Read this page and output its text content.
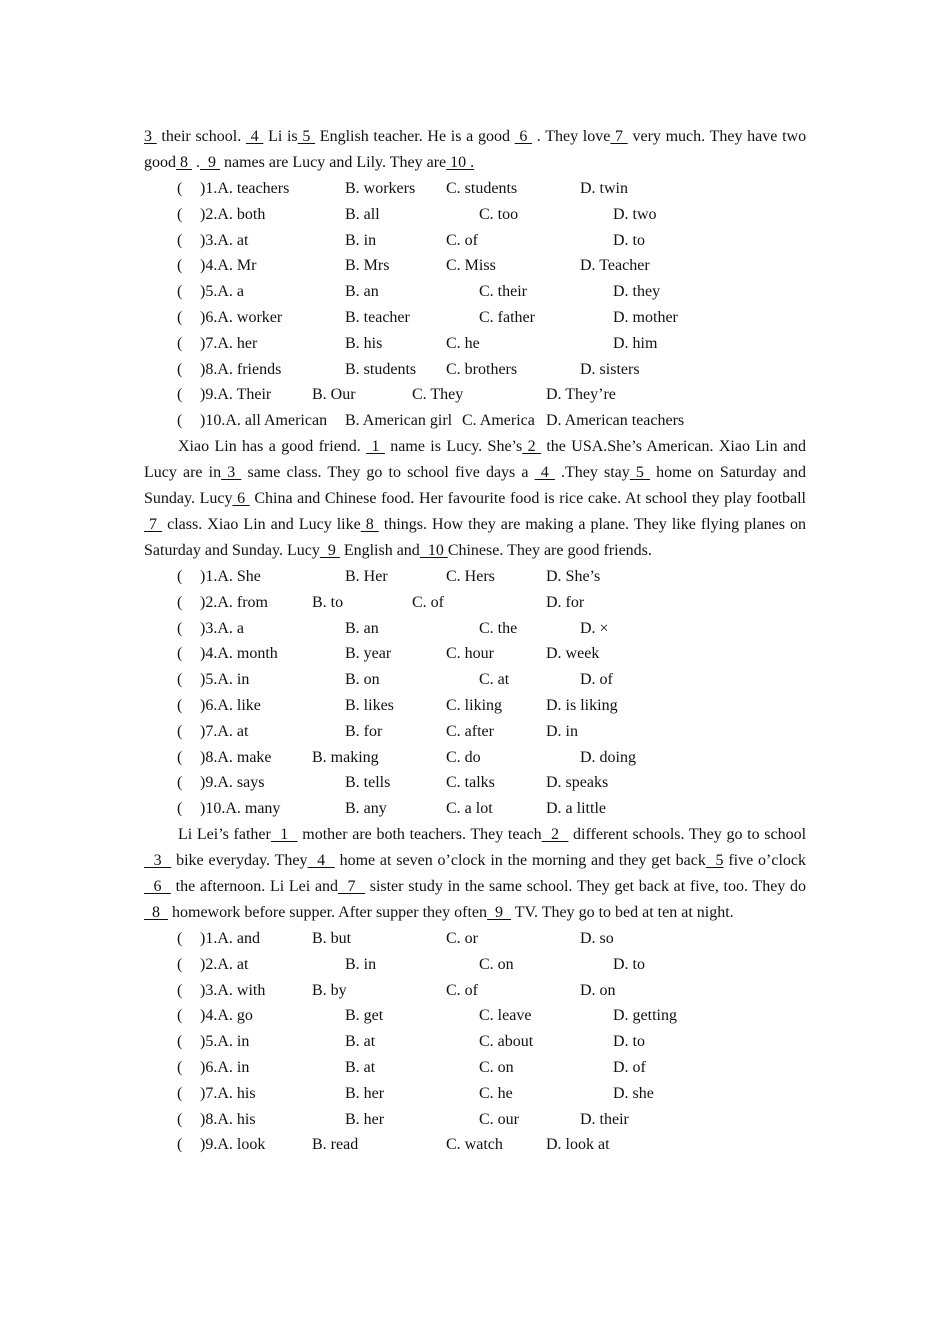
3  their school.  4  Li is 5  English teacher. He is a good  6  . They love 7  very much. They have two good 8  .  9  names are Lucy and Lily. They are 10 .

( )1.A. teachers	B. workers C. students	D. twin
( )2.A. both	B. all	C. too	D. two
( )3.A. at	B. in	C. of	D. to
( )4.A. Mr	B. Mrs	C. Miss	D. Teacher
( )5.A. a	B. an	C. their	D. they
( )6.A. worker	B. teacher	C. father	D. mother
( )7.A. her	B. his	C. he	D. him
( )8.A. friends	B. students C. brothers	D. sisters
( )9.A. Their	B. Our	C. They	D. They’re
( )10.A. all American B. American girl C. America D. American teachers

Xiao Lin has a good friend.  1  name is Lucy. She’s 2  the USA.She’s American. Xiao Lin and Lucy are in 3  same class. They go to school five days a  4  .They stay 5  home on Saturday and Sunday. Lucy 6  China and Chinese food. Her favourite food is rice cake. At school they play football 7  class. Xiao Lin and Lucy like 8  things. How they are making a plane. They like flying planes on Saturday and Sunday. Lucy  9  English and  10 Chinese. They are good friends.

( )1.A. She	B. Her	C. Hers	D. She’s
( )2.A. from	B. to	C. of	D. for
( )3.A. a	B. an	C. the	D. ×
( )4.A. month	B. year	C. hour	D. week
( )5.A. in	B. on	C. at	D. of
( )6.A. like	B. likes	C. liking	D. is liking
( )7.A. at	B. for	C. after	D. in
( )8.A. make	B. making	C. do	D. doing
( )9.A. says	B. tells	C. talks	D. speaks
( )10.A. many	B. any	C. a lot	D. a little

Li Lei’s father  1   mother are both teachers. They teach  2   different schools. They go to school  3   bike everyday. They  4   home at seven o’clock in the morning and they get back  5 five o’clock   6   the afternoon. Li Lei and  7   sister study in the same school. They get back at five, too. They do   8   homework before supper. After supper they often  9   TV. They go to bed at ten at night.

( )1.A. and	B. but	C. or	D. so
( )2.A. at	B. in	C. on	D. to
( )3.A. with	B. by	C. of	D. on
( )4.A. go	B. get	C. leave	D. getting
( )5.A. in	B. at	C. about	D. to
( )6.A. in	B. at	C. on	D. of
( )7.A. his	B. her	C. he	D. she
( )8.A. his	B. her	C. our	D. their
( )9.A. look	B. read	C. watch	D. look at
